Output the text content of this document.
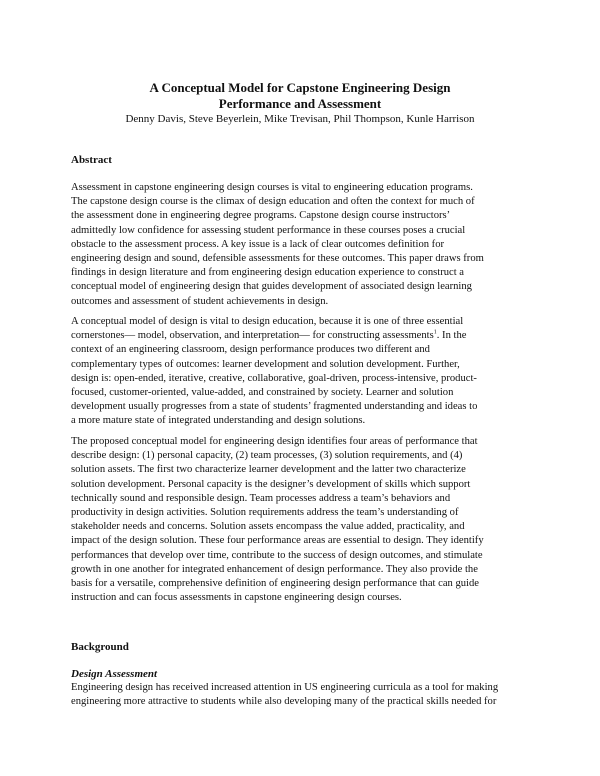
A Conceptual Model for Capstone Engineering Design
Performance and Assessment

Denny Davis, Steve Beyerlein, Mike Trevisan, Phil Thompson, Kunle Harrison

Abstract
Assessment in capstone engineering design courses is vital to engineering education programs.
The capstone design course is the climax of design education and often the context for much of
the assessment done in engineering degree programs. Capstone design course instructors’
admittedly low confidence for assessing student performance in these courses poses a crucial
obstacle to the assessment process. A key issue is a lack of clear outcomes definition for
engineering design and sound, defensible assessments for these outcomes. This paper draws from
findings in design literature and from engineering design education experience to construct a
conceptual model of engineering design that guides development of associated design learning
outcomes and assessment of student achievements in design.
A conceptual model of design is vital to design education, because it is one of three essential
cornerstones— model, observation, and interpretation— for constructing assessments$^1$. In the
context of an engineering classroom, design performance produces two different and
complementary types of outcomes: learner development and solution development. Further,
design is: open-ended, iterative, creative, collaborative, goal-driven, process-intensive, product-
focused, customer-oriented, value-added, and constrained by society. Learner and solution
development usually progresses from a state of students’ fragmented understanding and ideas to
a more mature state of integrated understanding and design solutions.
The proposed conceptual model for engineering design identifies four areas of performance that
describe design: (1) personal capacity, (2) team processes, (3) solution requirements, and (4)
solution assets. The first two characterize learner development and the latter two characterize
solution development. Personal capacity is the designer’s development of skills which support
technically sound and responsible design. Team processes address a team’s behaviors and
productivity in design activities. Solution requirements address the team’s understanding of
stakeholder needs and concerns. Solution assets encompass the value added, practicality, and
impact of the design solution. These four performance areas are essential to design. They identify
performances that develop over time, contribute to the success of design outcomes, and stimulate
growth in one another for integrated enhancement of design performance. They also provide the
basis for a versatile, comprehensive definition of engineering design performance that can guide
instruction and can focus assessments in capstone engineering design courses.
Background
Design Assessment
Engineering design has received increased attention in US engineering curricula as a tool for making
engineering more attractive to students while also developing many of the practical skills needed for
